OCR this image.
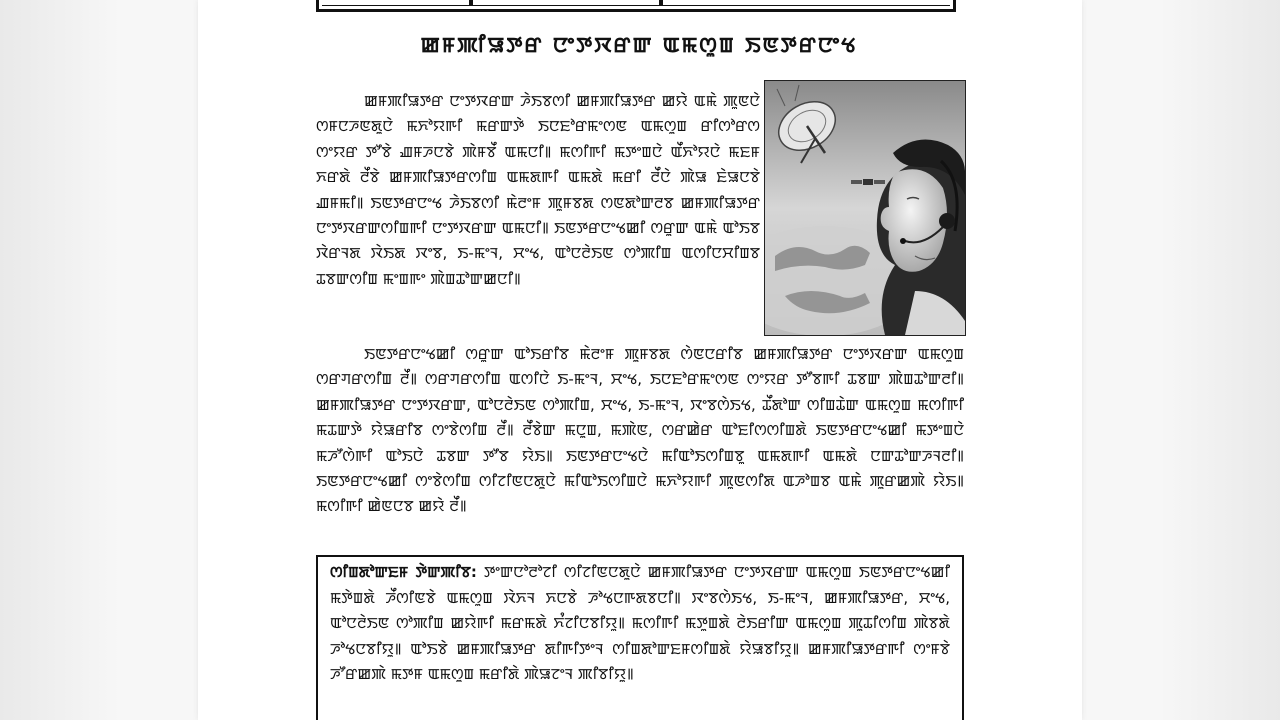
ꯀꯝꯄꯤꯎꯇꯔ ꯅꯦꯇꯋꯔꯛ ꯑꯃꯁꯨꯡ ꯏꯟꯇꯔꯅꯦꯠ

ꯀꯝꯄꯤꯎꯇꯔ ꯅꯦꯇꯋꯔꯛ ꯍꯥꯏꯕꯁꯤ ꯀꯝꯄꯤꯎꯇꯔ ꯀꯌꯥ ꯑꯃꯥ ꯄꯨꯟꯅꯥ ꯁꯝꯅꯍꯟꯗꯨꯅꯥ ꯃꯈꯣꯌꯒꯤ ꯃꯔꯛꯇꯥ ꯏꯅꯐꯣꯔꯃꯦꯁꯟ ꯑꯃꯁꯨꯡ ꯔꯤꯁꯣꯔꯁ ꯁꯦꯌꯔ ꯇꯧꯕꯥ ꯉꯝꯍꯅꯕꯥ ꯄꯥꯝꯕꯩ ꯑꯃꯅꯤ꯫ ꯃꯁꯤꯒꯤ ꯃꯇꯦꯡꯅꯥ ꯑꯩꯈꯣꯌꯅꯥ ꯃꯐꯝ ꯈꯔꯗꯥ ꯂꯩꯕꯥ ꯀꯝꯄꯤꯎꯇꯔꯁꯤꯡ ꯑꯃꯗꯒꯤ ꯑꯃꯗꯥ ꯃꯔꯤ ꯂꯩꯅꯥ ꯄꯥꯎ ꯐꯥꯎꯅꯕꯥ ꯉꯝꯃꯤ꯫ ꯏꯟꯇꯔꯅꯦꯠ ꯍꯥꯏꯕꯁꯤ ꯃꯥꯂꯦꯝ ꯄꯨꯝꯕꯗ ꯁꯟꯗꯣꯛꯂꯕ ꯀꯝꯄꯤꯎꯇꯔ ꯅꯦꯇꯋꯔꯛꯁꯤꯡꯒꯤ ꯅꯦꯇꯋꯔꯛ ꯑꯃꯅꯤ꯫ ꯏꯟꯇꯔꯅꯦꯠꯀꯤ ꯁꯔꯨꯛ ꯑꯃꯥ ꯑꯣꯏꯕ ꯋꯥꯔꯜꯗ ꯋꯥꯏꯗ ꯋꯦꯕ, ꯏ-ꯃꯦꯜ, ꯆꯦꯠ, ꯑꯣꯅꯂꯥꯏꯟ ꯁꯣꯄꯤꯡ ꯑꯁꯤꯅꯆꯤꯡꯕ ꯊꯕꯛꯁꯤꯡ ꯃꯦꯡꯒꯦ ꯄꯥꯡꯊꯣꯛꯀꯅꯤ꯫

ꯏꯟꯇꯔꯅꯦꯠꯀꯤ ꯁꯔꯨꯛ ꯑꯣꯏꯔꯤꯕ ꯃꯥꯂꯦꯝ ꯄꯨꯝꯕꯗ ꯁꯥꯟꯅꯔꯤꯕ ꯀꯝꯄꯤꯎꯇꯔ ꯅꯦꯇꯋꯔꯛ ꯑꯃꯁꯨꯡ ꯁꯔꯚꯔꯁꯤꯡ ꯂꯩ꯫ ꯁꯔꯚꯔꯁꯤꯡ ꯑꯁꯤꯅꯥ ꯏ-ꯃꯦꯜ, ꯆꯦꯠ, ꯏꯅꯐꯣꯔꯃꯦꯁꯟ ꯁꯦꯌꯔ ꯇꯧꯕꯒꯤ ꯊꯕꯛ ꯄꯥꯡꯊꯣꯛꯂꯤ꯫ ꯀꯝꯄꯤꯎꯇꯔ ꯅꯦꯇꯋꯔꯛ, ꯑꯣꯅꯂꯥꯏꯟ ꯁꯣꯄꯤꯡ, ꯆꯦꯠ, ꯏ-ꯃꯦꯜ, ꯋꯦꯕꯁꯥꯏꯠ, ꯊꯩꯗꯣꯛ ꯁꯤꯡꯊꯥꯛ ꯑꯃꯁꯨꯡ ꯃꯁꯤꯒꯤ ꯃꯊꯛꯇꯥ ꯌꯥꯎꯔꯤꯕ ꯁꯦꯕꯥꯁꯤꯡ ꯂꯩ꯫ ꯂꯩꯕꯥꯛ ꯃꯅꯨꯡ, ꯃꯄꯥꯟ, ꯁꯔꯀꯥꯔ ꯑꯣꯐꯤꯁꯁꯤꯡꯗꯥ ꯏꯟꯇꯔꯅꯦꯠꯀꯤ ꯃꯇꯦꯡꯅꯥ ꯃꯍꯧꯁꯥꯒꯤ ꯑꯣꯏꯅꯥ ꯊꯕꯛ ꯇꯧꯕ ꯌꯥꯏ꯫ ꯏꯟꯇꯔꯅꯦꯠꯅꯥ ꯃꯤꯑꯣꯏꯁꯤꯡꯕꯨ ꯑꯃꯗꯒꯤ ꯑꯃꯗꯥ ꯅꯛꯊꯣꯛꯍꯜꯂꯤ꯫ ꯏꯟꯇꯔꯅꯦꯠꯀꯤ ꯁꯦꯕꯥꯁꯤꯡ ꯁꯤꯖꯤꯟꯅꯗꯨꯅꯥ ꯃꯤꯑꯣꯏꯁꯤꯡꯅꯥ ꯃꯈꯣꯌꯒꯤ ꯄꯨꯟꯁꯤꯗ ꯑꯍꯣꯡꯕ ꯑꯃꯥ ꯄꯨꯔꯀꯄꯥ ꯌꯥꯏ꯫ ꯃꯁꯤꯒꯤ ꯀꯥꯟꯅꯕ ꯀꯌꯥ ꯂꯩ꯫

ꯁꯤꯡꯗꯣꯛꯐꯝ ꯇꯥꯛꯄꯤꯕ: ꯇꯦꯛꯅꯣꯂꯣꯖꯤ ꯁꯤꯖꯤꯟꯅꯗꯨꯅꯥ ꯀꯝꯄꯤꯎꯇꯔ ꯅꯦꯇꯋꯔꯛ ꯑꯃꯁꯨꯡ ꯏꯟꯇꯔꯅꯦꯠꯀꯤ ꯃꯇꯥꯡꯗꯥ ꯍꯩꯁꯤꯟꯕꯥ ꯑꯃꯁꯨꯡ ꯋꯥꯈꯜ ꯈꯅꯕꯥ ꯍꯣꯠꯅꯒꯗꯕꯅꯤ꯫ ꯋꯦꯕꯁꯥꯏꯠ, ꯏ-ꯃꯦꯜ, ꯀꯝꯄꯤꯎꯇꯔ, ꯆꯦꯠ, ꯑꯣꯅꯂꯥꯏꯟ ꯁꯣꯄꯤꯡ ꯀꯌꯥꯒꯤ ꯃꯔꯃꯗꯥ ꯈꯪꯖꯤꯅꯕꯤꯌꯨ꯫ ꯃꯁꯤꯒꯤ ꯃꯇꯨꯡꯗꯥ ꯂꯥꯏꯔꯤꯛ ꯑꯃꯁꯨꯡ ꯄꯨꯊꯤꯁꯤꯡ ꯄꯥꯕꯗꯥ ꯍꯣꯠꯅꯕꯤꯌꯨ꯫ ꯑꯣꯏꯕꯥ ꯀꯝꯄꯤꯎꯇꯔ ꯗꯤꯒꯤꯇꯦꯜ ꯁꯤꯡꯗꯣꯛꯐꯝꯁꯤꯡꯗꯥ ꯌꯥꯎꯕꯤꯌꯨ꯫ ꯀꯝꯄꯤꯎꯇꯔꯒꯤ ꯁꯦꯝꯕꯥ ꯍꯧꯔꯀꯄꯥ ꯃꯇꯝ ꯑꯃꯁꯨꯡ ꯃꯔꯤꯗꯥ ꯄꯥꯎꯖꯦꯜ ꯄꯤꯕꯤꯌꯨ꯫
